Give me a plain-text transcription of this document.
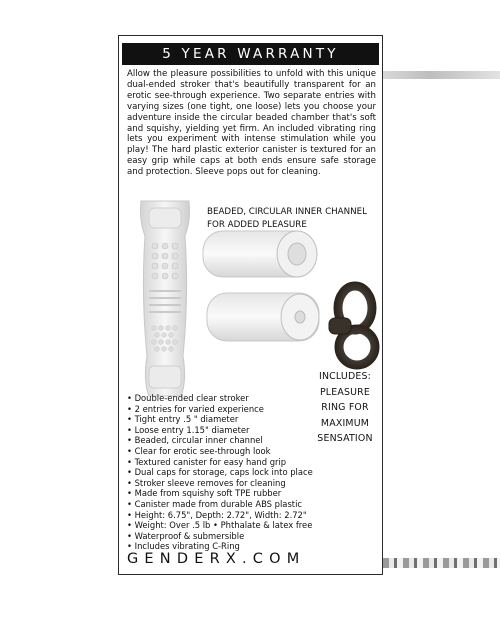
5 YEAR WARRANTY
Allow the pleasure possibilities to unfold with this unique dual-ended stroker that's beautifully transparent for an erotic see-through experience. Two separate entries with varying sizes (one tight, one loose) lets you choose your adventure inside the circular beaded chamber that's soft and squishy, yielding yet firm. An included vibrating ring lets you experiment with intense stimulation while you play! The hard plastic exterior canister is textured for an easy grip while caps at both ends ensure safe storage and protection. Sleeve pops out for cleaning.
BEADED, CIRCULAR INNER CHANNEL FOR ADDED PLEASURE
INCLUDES:
PLEASURE
RING FOR
MAXIMUM
SENSATION
• Double-ended clear stroker
• 2 entries for varied experience
• Tight entry .5 " diameter
• Loose entry 1.15" diameter
• Beaded, circular inner channel
• Clear for erotic see-through look
• Textured canister for easy hand grip
• Dual caps for storage, caps lock into place
• Stroker sleeve removes for cleaning
• Made from squishy soft TPE rubber
• Canister made from durable ABS plastic
• Height: 6.75", Depth: 2.72", Width: 2.72"
• Weight: Over .5 lb • Phthalate & latex free
• Waterproof & submersible
• Includes vibrating C-Ring
GENDERX.COM
